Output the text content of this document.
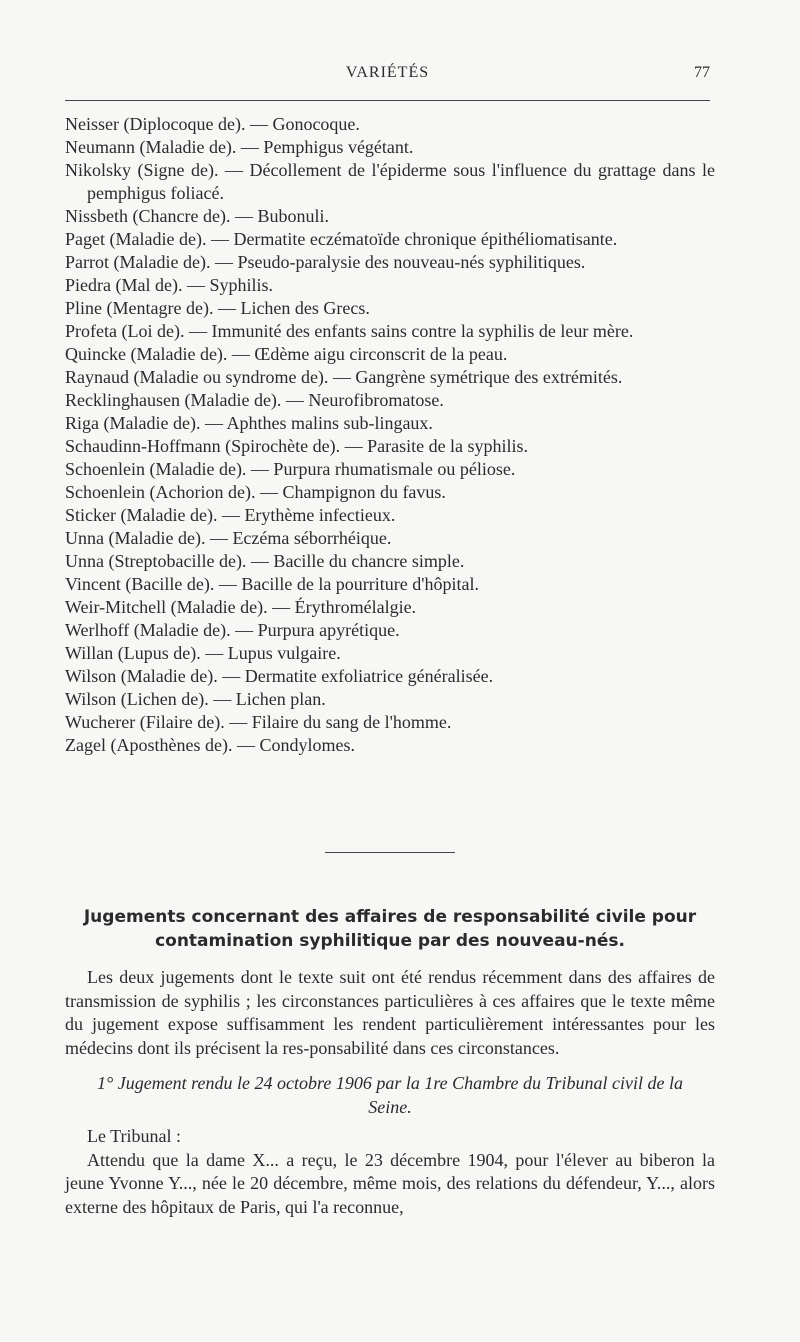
VARIÉTÉS	77

Neisser (Diplocoque de). — Gonocoque.

Neumann (Maladie de). — Pemphigus végétant.

Nikolsky (Signe de). — Décollement de l'épiderme sous l'influence du grattage dans le pemphigus foliacé.

Nissbeth (Chancre de). — Bubonuli.

Paget (Maladie de). — Dermatite eczématoïde chronique épithéliomatisante.

Parrot (Maladie de). — Pseudo-paralysie des nouveau-nés syphilitiques.

Piedra (Mal de). — Syphilis.

Pline (Mentagre de). — Lichen des Grecs.

Profeta (Loi de). — Immunité des enfants sains contre la syphilis de leur mère.

Quincke (Maladie de). — Œdème aigu circonscrit de la peau.

Raynaud (Maladie ou syndrome de). — Gangrène symétrique des extrémités.

Recklinghausen (Maladie de). — Neurofibromatose.

Riga (Maladie de). — Aphthes malins sub-lingaux.

Schaudinn-Hoffmann (Spirochète de). — Parasite de la syphilis.

Schoenlein (Maladie de). — Purpura rhumatismale ou péliose.

Schoenlein (Achorion de). — Champignon du favus.

Sticker (Maladie de). — Erythème infectieux.

Unna (Maladie de). — Eczéma séborrhéique.

Unna (Streptobacille de). — Bacille du chancre simple.

Vincent (Bacille de). — Bacille de la pourriture d'hôpital.

Weir-Mitchell (Maladie de). — Érythromélalgie.

Werlhoff (Maladie de). — Purpura apyrétique.

Willan (Lupus de). — Lupus vulgaire.

Wilson (Maladie de). — Dermatite exfoliatrice généralisée.

Wilson (Lichen de). — Lichen plan.

Wucherer (Filaire de). — Filaire du sang de l'homme.

Zagel (Aposthènes de). — Condylomes.

Jugements concernant des affaires de responsabilité civile pour contamination syphilitique par des nouveau-nés.

Les deux jugements dont le texte suit ont été rendus récemment dans des affaires de transmission de syphilis ; les circonstances particulières à ces affaires que le texte même du jugement expose suffisamment les rendent particulièrement intéressantes pour les médecins dont ils précisent la res-ponsabilité dans ces circonstances.

1° Jugement rendu le 24 octobre 1906 par la 1re Chambre du Tribunal civil de la Seine.

Le Tribunal :

Attendu que la dame X... a reçu, le 23 décembre 1904, pour l'élever au biberon la jeune Yvonne Y..., née le 20 décembre, même mois, des relations du défendeur, Y..., alors externe des hôpitaux de Paris, qui l'a reconnue,
